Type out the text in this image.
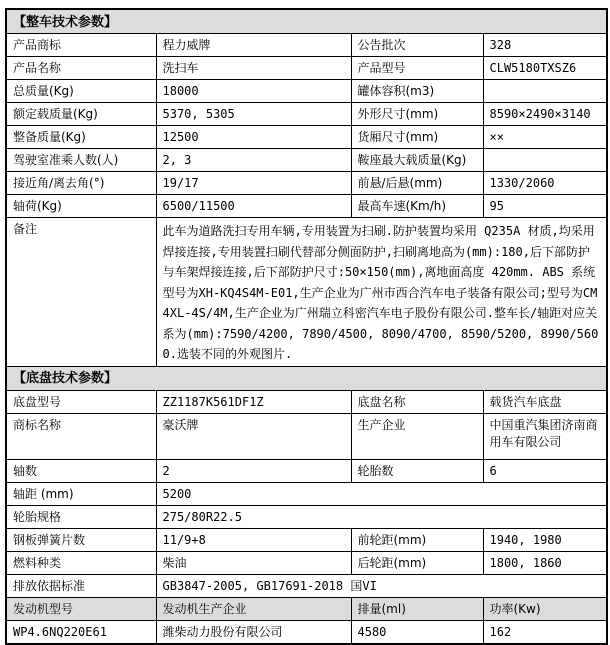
【整车技术参数】			
产品商标	程力威牌	公告批次	328
产品名称	洗扫车	产品型号	CLW5180TXSZ6
总质量(Kg)	18000	罐体容积(m3)	
额定载质量(Kg)	5370, 5305	外形尺寸(mm)	8590×2490×3140
整备质量(Kg)	12500	货厢尺寸(mm)	××
驾驶室准乘人数(人)	2, 3	鞍座最大载质量(Kg)	
接近角/离去角(°)	19/17	前悬/后悬(mm)	1330/2060
轴荷(Kg)	6500/11500	最高车速(Km/h)	95
备注	此车为道路洗扫专用车辆,专用装置为扫刷.防护装置均采用 Q235A 材质,均采用焊接连接,专用装置扫刷代替部分侧面防护,扫刷离地高为(mm):180,后下部防护与车架焊接连接,后下部防护尺寸:50×150(mm),离地面高度 420mm. ABS 系统型号为XH-KQ4S4M-E01,生产企业为广州市西合汽车电子装备有限公司;型号为CM4XL-4S/4M,生产企业为广州瑞立科密汽车电子股份有限公司.整车长/轴距对应关系为(mm):7590/4200, 7890/4500, 8090/4700, 8590/5200, 8990/5600.选装不同的外观图片.		
【底盘技术参数】			
底盘型号	ZZ1187K561DF1Z	底盘名称	载货汽车底盘
商标名称	豪沃牌	生产企业	中国重汽集团济南商用车有限公司
轴数	2	轮胎数	6
轴距 (mm)	5200		
轮胎规格	275/80R22.5		
钢板弹簧片数	11/9+8	前轮距(mm)	1940, 1980
燃料种类	柴油	后轮距(mm)	1800, 1860
排放依据标准	GB3847-2005, GB17691-2018 国VI		
发动机型号	发动机生产企业	排量(ml)	功率(Kw)
WP4.6NQ220E61	潍柴动力股份有限公司	4580	162
